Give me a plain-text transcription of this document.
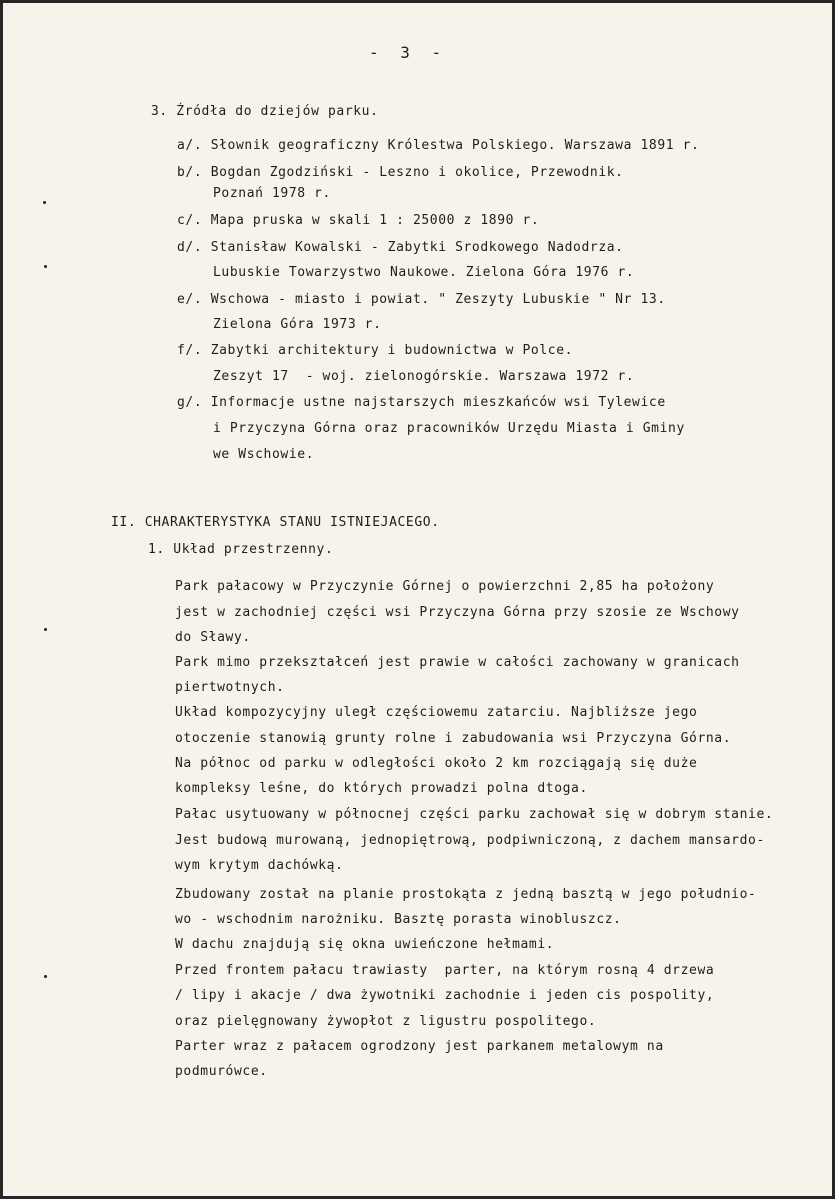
- 3 -
3. Źródła do dziejów parku.
a/. Słownik geograficzny Królestwa Polskiego. Warszawa 1891 r.
b/. Bogdan Zgodziński - Leszno i okolice, Przewodnik.
Poznań 1978 r.
c/. Mapa pruska w skali 1 : 25000 z 1890 r.
d/. Stanisław Kowalski - Zabytki Srodkowego Nadodrza.
Lubuskie Towarzystwo Naukowe. Zielona Góra 1976 r.
e/. Wschowa - miasto i powiat. " Zeszyty Lubuskie " Nr 13.
Zielona Góra 1973 r.
f/. Zabytki architektury i budownictwa w Polce.
Zeszyt 17  - woj. zielonogórskie. Warszawa 1972 r.
g/. Informacje ustne najstarszych mieszkańców wsi Tylewice
i Przyczyna Górna oraz pracowników Urzędu Miasta i Gminy
we Wschowie.
II. CHARAKTERYSTYKA STANU ISTNIEJACEGO.
1. Układ przestrzenny.
Park pałacowy w Przyczynie Górnej o powierzchni 2,85 ha położony
jest w zachodniej części wsi Przyczyna Górna przy szosie ze Wschowy
do Sławy.
Park mimo przekształceń jest prawie w całości zachowany w granicach
piertwotnych.
Układ kompozycyjny uległ częściowemu zatarciu. Najbliższe jego
otoczenie stanowią grunty rolne i zabudowania wsi Przyczyna Górna.
Na północ od parku w odległości około 2 km rozciągają się duże
kompleksy leśne, do których prowadzi polna dtoga.
Pałac usytuowany w północnej części parku zachował się w dobrym stanie.
Jest budową murowaną, jednopiętrową, podpiwniczoną, z dachem mansardo-
wym krytym dachówką.
Zbudowany został na planie prostokąta z jedną basztą w jego południo-
wo - wschodnim narożniku. Basztę porasta winobluszcz.
W dachu znajdują się okna uwieńczone hełmami.
Przed frontem pałacu trawiasty  parter, na którym rosną 4 drzewa
/ lipy i akacje / dwa żywotniki zachodnie i jeden cis pospolity,
oraz pielęgnowany żywopłot z ligustru pospolitego.
Parter wraz z pałacem ogrodzony jest parkanem metalowym na
podmurówce.
